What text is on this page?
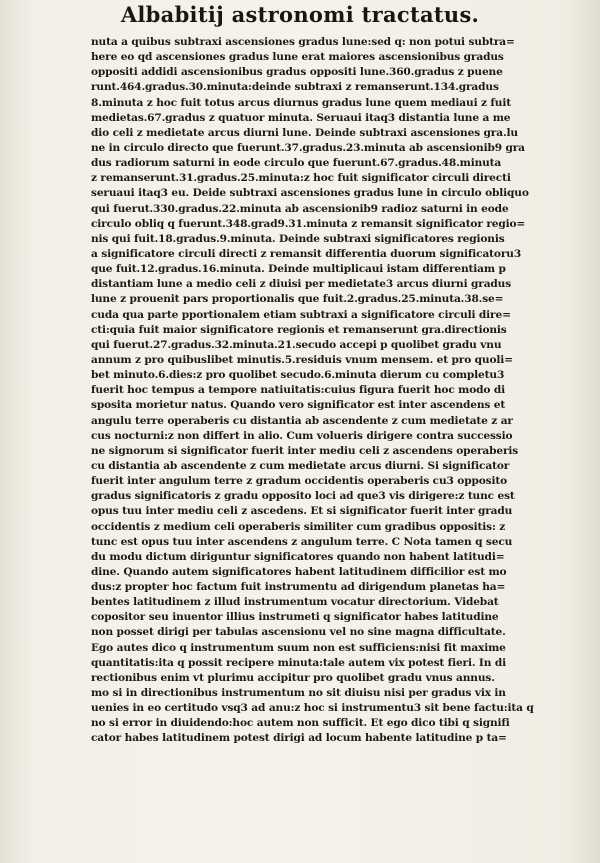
Albabitij astronomi tractatus.
nuta a quibus subtraxi ascensiones gradus lune:sed q: non potui subtra=
here eo qd ascensiones gradus lune erat maiores ascensionibus gradus
oppositi addidi ascensionibus gradus oppositi lune.360.gradus z puene
runt.464.gradus.30.minuta:deinde subtraxi z remanserunt.134.gradus
8.minuta z hoc fuit totus arcus diurnus gradus lune quem mediaui z fuit
medietas.67.gradus z quatuor minuta. Seruaui itaq3 distantia lune a me
dio celi z medietate arcus diurni lune. Deinde subtraxi ascensiones gra.lu
ne in circulo directo que fuerunt.37.gradus.23.minuta ab ascensionib9 gra
dus radiorum saturni in eode circulo que fuerunt.67.gradus.48.minuta
z remanserunt.31.gradus.25.minuta:z hoc fuit significator circuli directi
seruaui itaq3 eu. Deide subtraxi ascensiones gradus lune in circulo obliquo
qui fuerut.330.gradus.22.minuta ab ascensionib9 radioz saturni in eode
circulo obliq q fuerunt.348.grad9.31.minuta z remansit significator regio=
nis qui fuit.18.gradus.9.minuta. Deinde subtraxi significatores regionis
a significatore circuli directi z remansit differentia duorum significatoru3
que fuit.12.gradus.16.minuta. Deinde multiplicaui istam differentiam p
distantiam lune a medio celi z diuisi per medietate3 arcus diurni gradus
lune z prouenit pars proportionalis que fuit.2.gradus.25.minuta.38.se=
cuda qua parte pportionalem etiam subtraxi a significatore circuli dire=
cti:quia fuit maior significatore regionis et remanserunt gra.directionis
qui fuerut.27.gradus.32.minuta.21.secudo accepi p quolibet gradu vnu
annum z pro quibuslibet minutis.5.residuis vnum mensem. et pro quoli=
bet minuto.6.dies:z pro quolibet secudo.6.minuta dierum cu completu3
fuerit hoc tempus a tempore natiuitatis:cuius figura fuerit hoc modo di
sposita morietur natus. Quando vero significator est inter ascendens et
angulu terre operaberis cu distantia ab ascendente z cum medietate z ar
cus nocturni:z non differt in alio. Cum volueris dirigere contra successio
ne signorum si significator fuerit inter mediu celi z ascendens operaberis
cu distantia ab ascendente z cum medietate arcus diurni. Si significator
fuerit inter angulum terre z gradum occidentis operaberis cu3 opposito
gradus significatoris z gradu opposito loci ad que3 vis dirigere:z tunc est
opus tuu inter mediu celi z ascedens. Et si significator fuerit inter gradu
occidentis z medium celi operaberis similiter cum gradibus oppositis: z
tunc est opus tuu inter ascendens z angulum terre. C Nota tamen q secu
du modu dictum diriguntur significatores quando non habent latitudi=
dine. Quando autem significatores habent latitudinem difficilior est mo
dus:z propter hoc factum fuit instrumentu ad dirigendum planetas ha=
bentes latitudinem z illud instrumentum vocatur directorium. Videbat
copositor seu inuentor illius instrumeti q significator habes latitudine
non posset dirigi per tabulas ascensionu vel no sine magna difficultate.
Ego autes dico q instrumentum suum non est sufficiens:nisi fit maxime
quantitatis:ita q possit recipere minuta:tale autem vix potest fieri. In di
rectionibus enim vt plurimu accipitur pro quolibet gradu vnus annus.
mo si in directionibus instrumentum no sit diuisu nisi per gradus vix in
uenies in eo certitudo vsq3 ad anu:z hoc si instrumentu3 sit bene factu:ita q
no si error in diuidendo:hoc autem non sufficit. Et ego dico tibi q signifi
cator habes latitudinem potest dirigi ad locum habente latitudine p ta=
